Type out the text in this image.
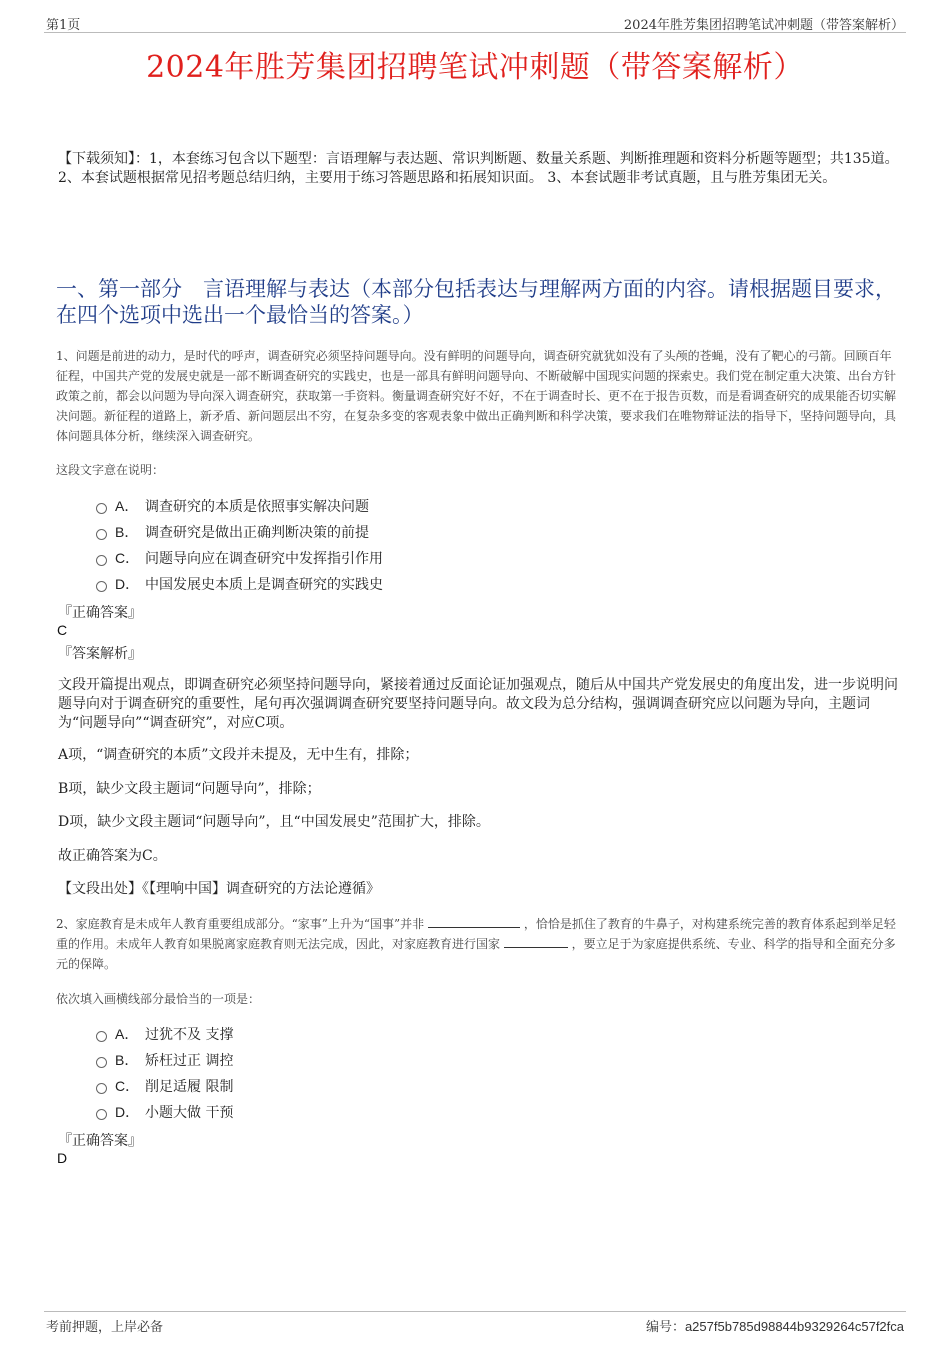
第1页	2024年胜芳集团招聘笔试冲刺题（带答案解析）
2024年胜芳集团招聘笔试冲刺题（带答案解析）
【下载须知】：1，本套练习包含以下题型：言语理解与表达题、常识判断题、数量关系题、判断推理题和资料分析题等题型；共135道。 2、本套试题根据常见招考题总结归纳，主要用于练习答题思路和拓展知识面。 3、本套试题非考试真题，且与胜芳集团无关。
一、第一部分　言语理解与表达（本部分包括表达与理解两方面的内容。请根据题目要求，在四个选项中选出一个最恰当的答案。）
1、问题是前进的动力，是时代的呼声，调查研究必须坚持问题导向。没有鲜明的问题导向，调查研究就犹如没有了头颅的苍蝇，没有了靶心的弓箭。回顾百年征程，中国共产党的发展史就是一部不断调查研究的实践史，也是一部具有鲜明问题导向、不断破解中国现实问题的探索史。我们党在制定重大决策、出台方针政策之前，都会以问题为导向深入调查研究，获取第一手资料。衡量调查研究好不好，不在于调查时长、更不在于报告页数，而是看调查研究的成果能否切实解决问题。新征程的道路上，新矛盾、新问题层出不穷，在复杂多变的客观表象中做出正确判断和科学决策，要求我们在唯物辩证法的指导下，坚持问题导向，具体问题具体分析，继续深入调查研究。
这段文字意在说明：
A． 调查研究的本质是依照事实解决问题
B． 调查研究是做出正确判断决策的前提
C． 问题导向应在调查研究中发挥指引作用
D． 中国发展史本质上是调查研究的实践史
『正确答案』
C
『答案解析』
文段开篇提出观点，即调查研究必须坚持问题导向，紧接着通过反面论证加强观点，随后从中国共产党发展史的角度出发，进一步说明问题导向对于调查研究的重要性，尾句再次强调调查研究要坚持问题导向。故文段为总分结构，强调调查研究应以问题为导向，主题词为“问题导向”“调查研究”，对应C项。
A项，“调查研究的本质”文段并未提及，无中生有，排除；
B项，缺少文段主题词“问题导向”，排除；
D项，缺少文段主题词“问题导向”，且“中国发展史”范围扩大，排除。
故正确答案为C。
【文段出处】《【理响中国】调查研究的方法论遵循》
2、家庭教育是未成年人教育重要组成部分。“家事”上升为“国事”并非	，恰恰是抓住了教育的牛鼻子，对构建系统完善的教育体系起到举足轻重的作用。未成年人教育如果脱离家庭教育则无法完成，因此，对家庭教育进行国家	，要立足于为家庭提供系统、专业、科学的指导和全面充分多元的保障。
依次填入画横线部分最恰当的一项是：
A． 过犹不及 支撑
B． 矫枉过正 调控
C． 削足适履 限制
D． 小题大做 干预
『正确答案』
D
考前押题，上岸必备	编号：a257f5b785d98844b9329264c57f2fca
